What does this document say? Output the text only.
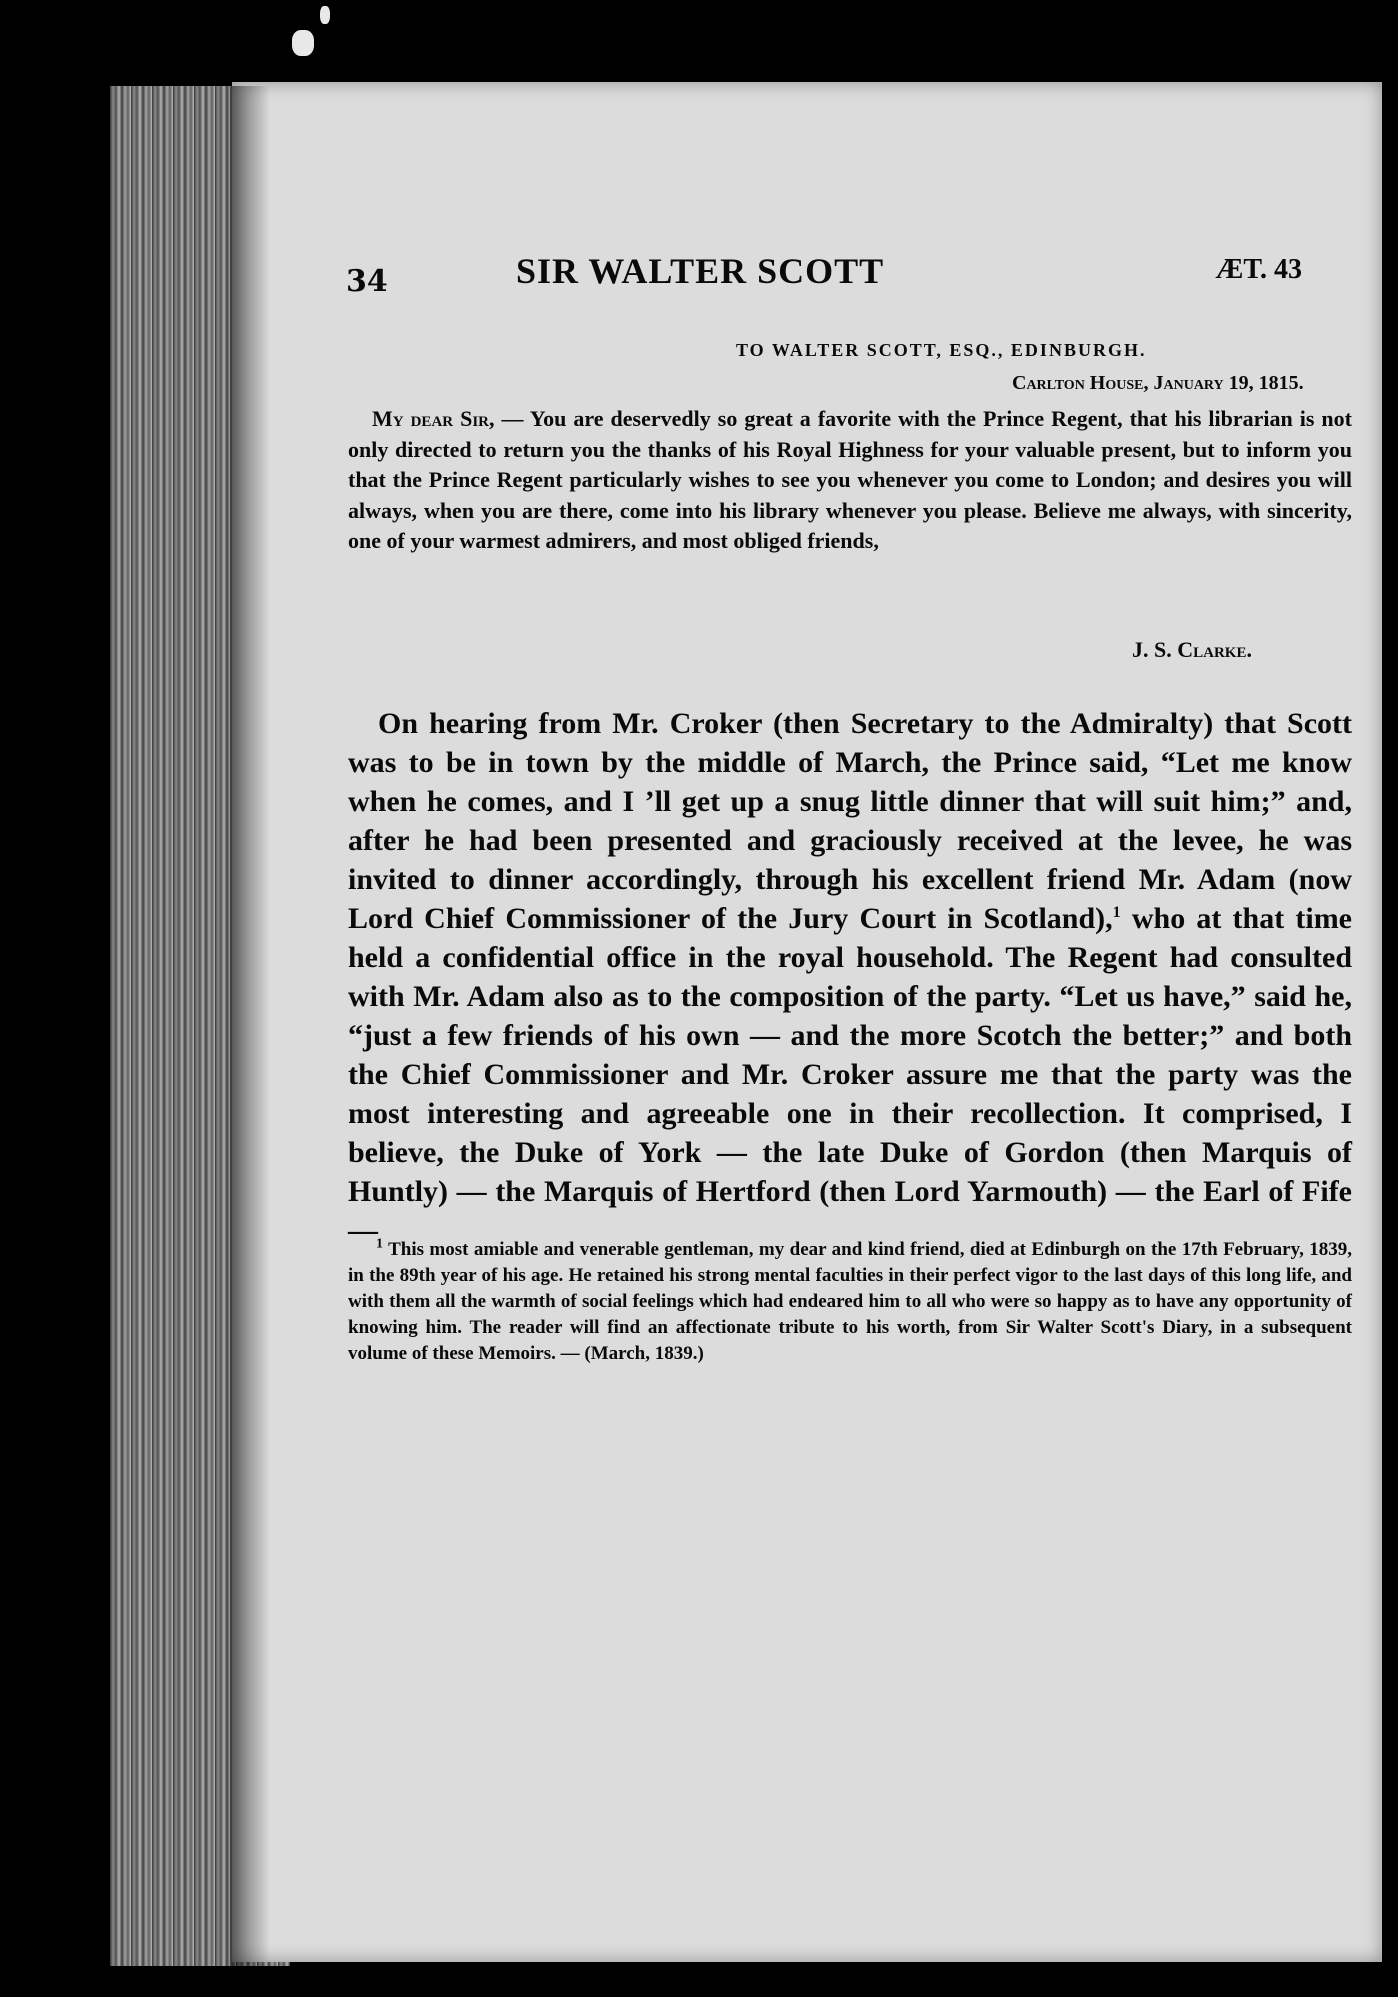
34	SIR WALTER SCOTT	ÆT. 43
TO WALTER SCOTT, ESQ., EDINBURGH.
Carlton House, January 19, 1815.
My dear Sir, — You are deservedly so great a favorite with the Prince Regent, that his librarian is not only directed to return you the thanks of his Royal Highness for your valuable present, but to inform you that the Prince Regent particularly wishes to see you whenever you come to London; and desires you will always, when you are there, come into his library whenever you please. Believe me always, with sincerity, one of your warmest admirers, and most obliged friends,
J. S. Clarke.

On hearing from Mr. Croker (then Secretary to the Admiralty) that Scott was to be in town by the middle of March, the Prince said, “Let me know when he comes, and I ’ll get up a snug little dinner that will suit him;” and, after he had been presented and graciously received at the levee, he was invited to dinner accordingly, through his excellent friend Mr. Adam (now Lord Chief Commissioner of the Jury Court in Scotland),$^1$ who at that time held a confidential office in the royal household. The Regent had consulted with Mr. Adam also as to the composition of the party. “Let us have,” said he, “just a few friends of his own — and the more Scotch the better;” and both the Chief Commissioner and Mr. Croker assure me that the party was the most interesting and agreeable one in their recollection. It comprised, I believe, the Duke of York — the late Duke of Gordon (then Marquis of Huntly) — the Marquis of Hertford (then Lord Yarmouth) — the Earl of Fife —

$^1$ This most amiable and venerable gentleman, my dear and kind friend, died at Edinburgh on the 17th February, 1839, in the 89th year of his age. He retained his strong mental faculties in their perfect vigor to the last days of this long life, and with them all the warmth of social feelings which had endeared him to all who were so happy as to have any opportunity of knowing him. The reader will find an affectionate tribute to his worth, from Sir Walter Scott's Diary, in a subsequent volume of these Memoirs. — (March, 1839.)
